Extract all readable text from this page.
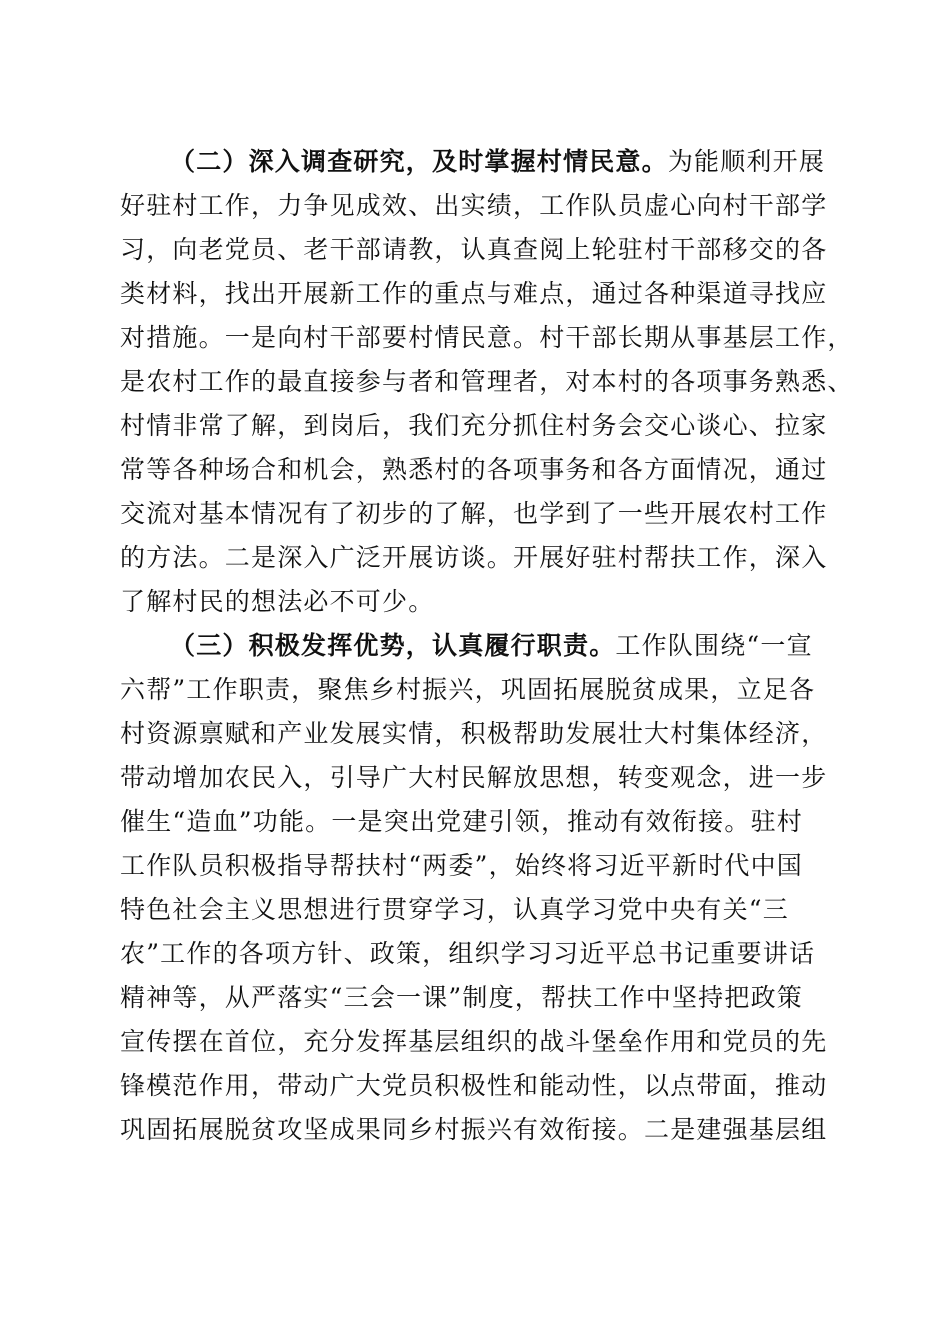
（二）深入调查研究，及时掌握村情民意。为能顺利开展
好驻村工作，力争见成效、出实绩，工作队员虚心向村干部学
习，向老党员、老干部请教，认真查阅上轮驻村干部移交的各
类材料，找出开展新工作的重点与难点，通过各种渠道寻找应
对措施。一是向村干部要村情民意。村干部长期从事基层工作，
是农村工作的最直接参与者和管理者，对本村的各项事务熟悉、
村情非常了解，到岗后，我们充分抓住村务会交心谈心、拉家
常等各种场合和机会，熟悉村的各项事务和各方面情况，通过
交流对基本情况有了初步的了解，也学到了一些开展农村工作
的方法。二是深入广泛开展访谈。开展好驻村帮扶工作，深入
了解村民的想法必不可少。
（三）积极发挥优势，认真履行职责。工作队围绕“一宣
六帮”工作职责，聚焦乡村振兴，巩固拓展脱贫成果，立足各
村资源禀赋和产业发展实情，积极帮助发展壮大村集体经济，
带动增加农民入，引导广大村民解放思想，转变观念，进一步
催生“造血”功能。一是突出党建引领，推动有效衔接。驻村
工作队员积极指导帮扶村“两委”，始终将习近平新时代中国
特色社会主义思想进行贯穿学习，认真学习党中央有关“三
农”工作的各项方针、政策，组织学习习近平总书记重要讲话
精神等，从严落实“三会一课”制度，帮扶工作中坚持把政策
宣传摆在首位，充分发挥基层组织的战斗堡垒作用和党员的先
锋模范作用，带动广大党员积极性和能动性，以点带面，推动
巩固拓展脱贫攻坚成果同乡村振兴有效衔接。二是建强基层组
